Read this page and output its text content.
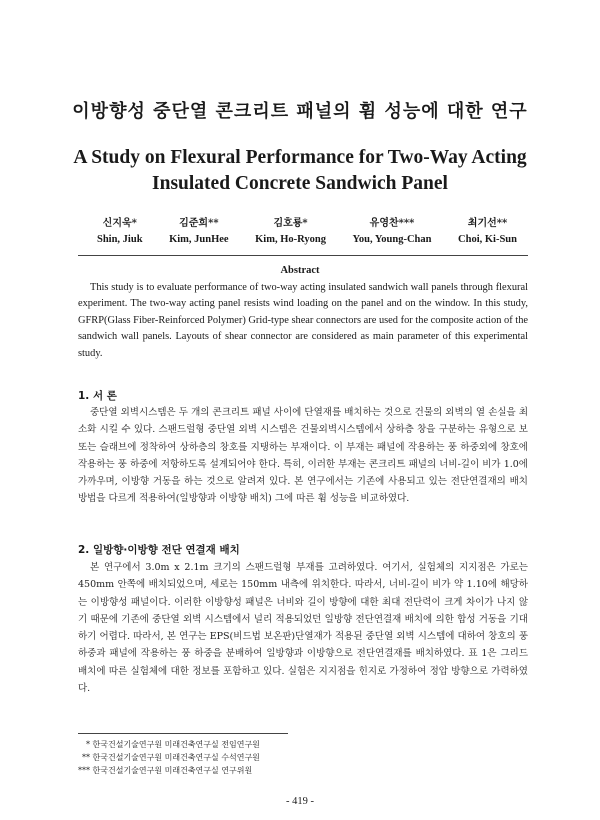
이방향성 중단열 콘크리트 패널의 휨 성능에 대한 연구
A Study on Flexural Performance for Two-Way Acting
Insulated Concrete Sandwich Panel
신지욱*
Shin, Jiuk
김준희**
Kim, JunHee
김호룡*
Kim, Ho-Ryong
유영찬***
You, Young-Chan
최기선**
Choi, Ki-Sun
Abstract

This study is to evaluate performance of two-way acting insulated sandwich wall panels through flexural experiment. The two-way acting panel resists wind loading on the panel and on the window. In this study, GFRP(Glass Fiber-Reinforced Polymer) Grid-type shear connectors are used for the composite action of the sandwich wall panels. Layouts of shear connector are considered as main parameter of this experimental study.

1. 서 론

중단열 외벽시스템은 두 개의 콘크리트 패널 사이에 단열재를 배치하는 것으로 건물의 외벽의 열 손실을 최소화 시킬 수 있다. 스팬드럴형 중단열 외벽 시스템은 건물외벽시스템에서 상하층 창을 구분하는 유형으로 보 또는 슬래브에 정착하여 상하층의 창호를 지탱하는 부재이다. 이 부재는 패널에 작용하는 풍 하중외에 창호에 작용하는 풍 하중에 저항하도록 설계되어야 한다. 특히, 이러한 부재는 콘크리트 패널의 너비-길이 비가 1.0에 가까우며, 이방향 거동을 하는 것으로 알려져 있다. 본 연구에서는 기존에 사용되고 있는 전단연결재의 배치 방법을 다르게 적용하여(일방향과 이방향 배치) 그에 따른 휨 성능을 비교하였다.

2. 일방향·이방향 전단 연결재 배치

본 연구에서 3.0m x 2.1m 크기의 스팬드럴형 부재를 고려하였다. 여기서, 실험체의 지지점은 가로는 450mm 안쪽에 배치되었으며, 세로는 150mm 내측에 위치한다. 따라서, 너비-길이 비가 약 1.10에 해당하는 이방향성 패널이다. 이러한 이방향성 패널은 너비와 길이 방향에 대한 최대 전단력이 크게 차이가 나지 않기 때문에 기존에 중단열 외벽 시스템에서 널리 적용되었던 일방향 전단연결재 배치에 의한 합성 거동을 기대하기 어렵다. 따라서, 본 연구는 EPS(비드법 보온판)단열재가 적용된 중단열 외벽 시스템에 대하여 창호의 풍 하중과 패널에 작용하는 풍 하중을 분배하여 일방향과 이방향으로 전단연결재를 배치하였다. 표 1은 그리드 배치에 따른 실험체에 대한 정보를 포함하고 있다. 실험은 지지점을 힌지로 가정하여 정압 방향으로 가력하였다.

* 한국건설기술연구원 미래건축연구실 전임연구원
** 한국건설기술연구원 미래건축연구실 수석연구원
*** 한국건설기술연구원 미래건축연구실 연구위원
- 419 -
